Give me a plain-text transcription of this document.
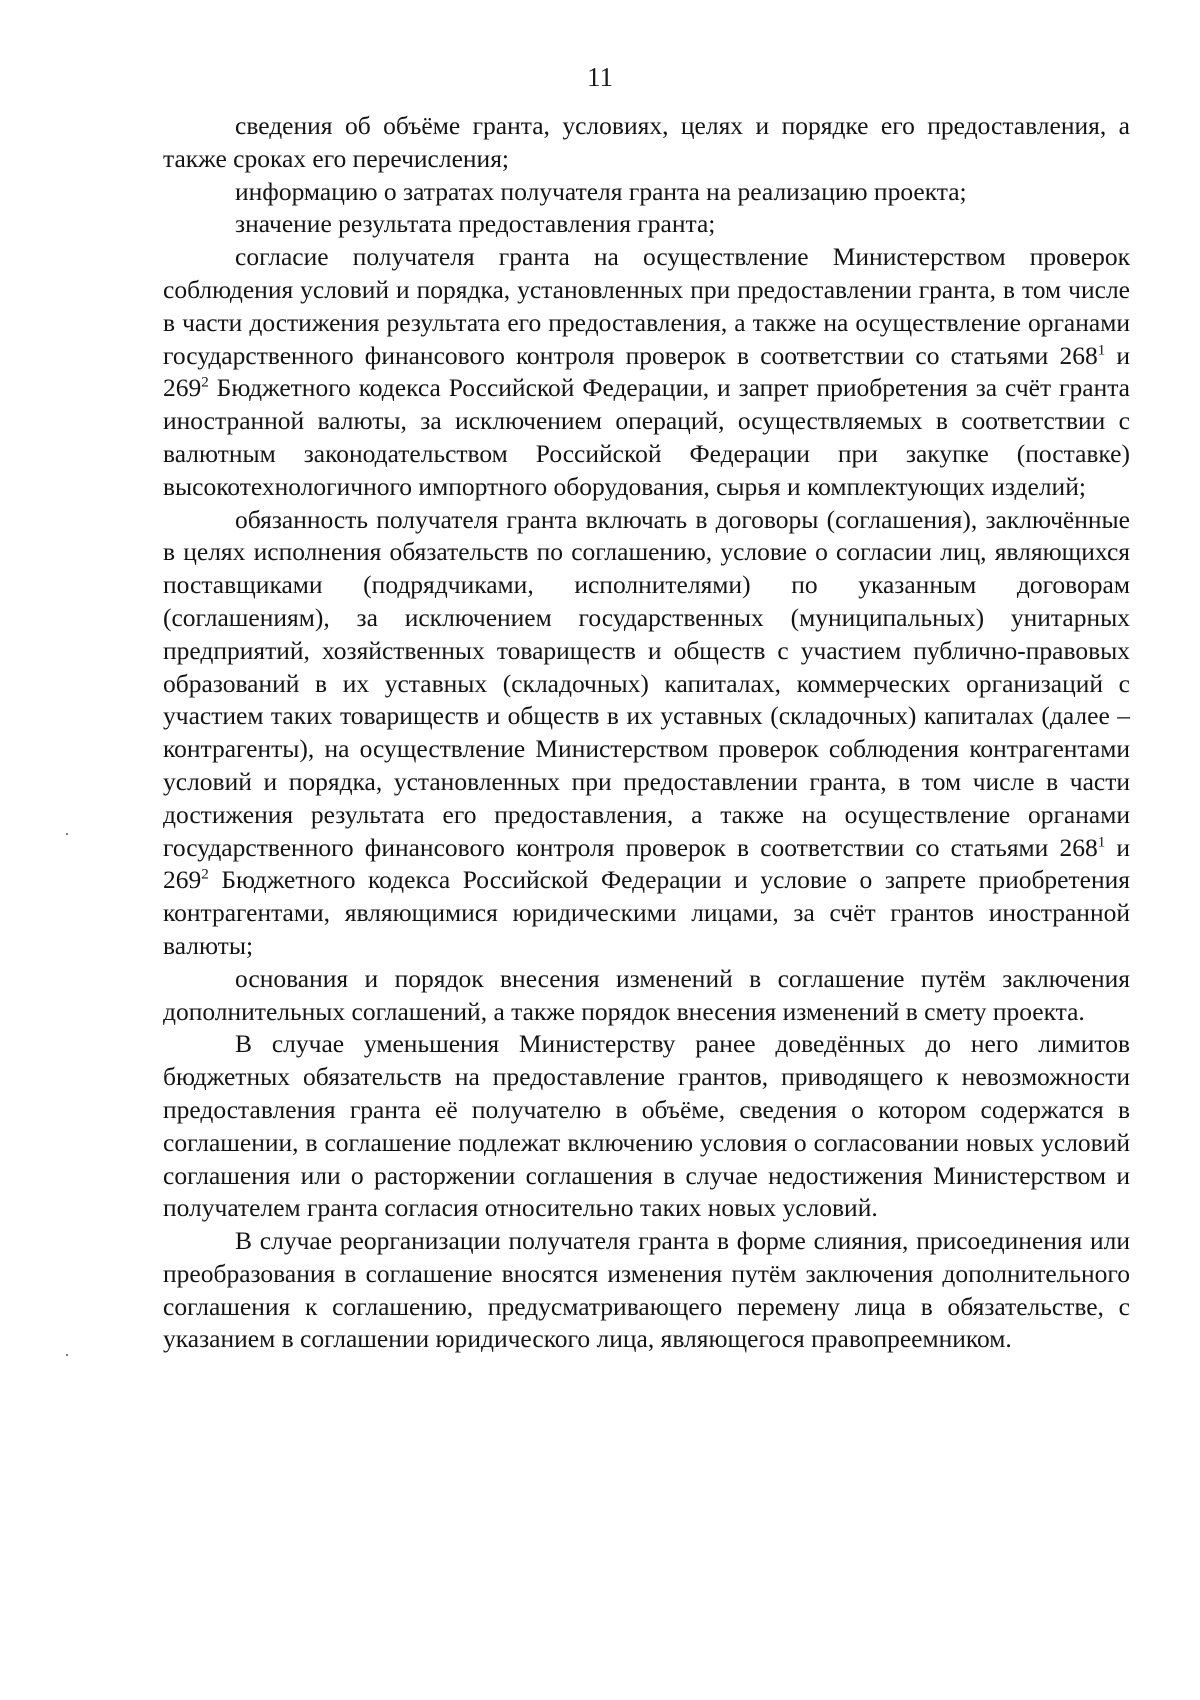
11

сведения об объёме гранта, условиях, целях и порядке его предоставления, а также сроках его перечисления;

информацию о затратах получателя гранта на реализацию проекта;

значение результата предоставления гранта;

согласие получателя гранта на осуществление Министерством проверок соблюдения условий и порядка, установленных при предоставлении гранта, в том числе в части достижения результата его предоставления, а также на осуществление органами государственного финансового контроля проверок в соответствии со статьями $268^1$ и $269^2$ Бюджетного кодекса Российской Федерации, и запрет приобретения за счёт гранта иностранной валюты, за исключением операций, осуществляемых в соответствии с валютным законодательством Российской Федерации при закупке (поставке) высокотехнологичного импортного оборудования, сырья и комплектующих изделий;

обязанность получателя гранта включать в договоры (соглашения), заключённые в целях исполнения обязательств по соглашению, условие о согласии лиц, являющихся поставщиками (подрядчиками, исполнителями) по указанным договорам (соглашениям), за исключением государственных (муниципальных) унитарных предприятий, хозяйственных товариществ и обществ с участием публично-правовых образований в их уставных (складочных) капиталах, коммерческих организаций с участием таких товариществ и обществ в их уставных (складочных) капиталах (далее – контрагенты), на осуществление Министерством проверок соблюдения контрагентами условий и порядка, установленных при предоставлении гранта, в том числе в части достижения результата его предоставления, а также на осуществление органами государственного финансового контроля проверок в соответствии со статьями $268^1$ и $269^2$ Бюджетного кодекса Российской Федерации и условие о запрете приобретения контрагентами, являющимися юридическими лицами, за счёт грантов иностранной валюты;

основания и порядок внесения изменений в соглашение путём заключения дополнительных соглашений, а также порядок внесения изменений в смету проекта.

В случае уменьшения Министерству ранее доведённых до него лимитов бюджетных обязательств на предоставление грантов, приводящего к невозможности предоставления гранта её получателю в объёме, сведения о котором содержатся в соглашении, в соглашение подлежат включению условия о согласовании новых условий соглашения или о расторжении соглашения в случае недостижения Министерством и получателем гранта согласия относительно таких новых условий.

В случае реорганизации получателя гранта в форме слияния, присоединения или преобразования в соглашение вносятся изменения путём заключения дополнительного соглашения к соглашению, предусматривающего перемену лица в обязательстве, с указанием в соглашении юридического лица, являющегося правопреемником.
